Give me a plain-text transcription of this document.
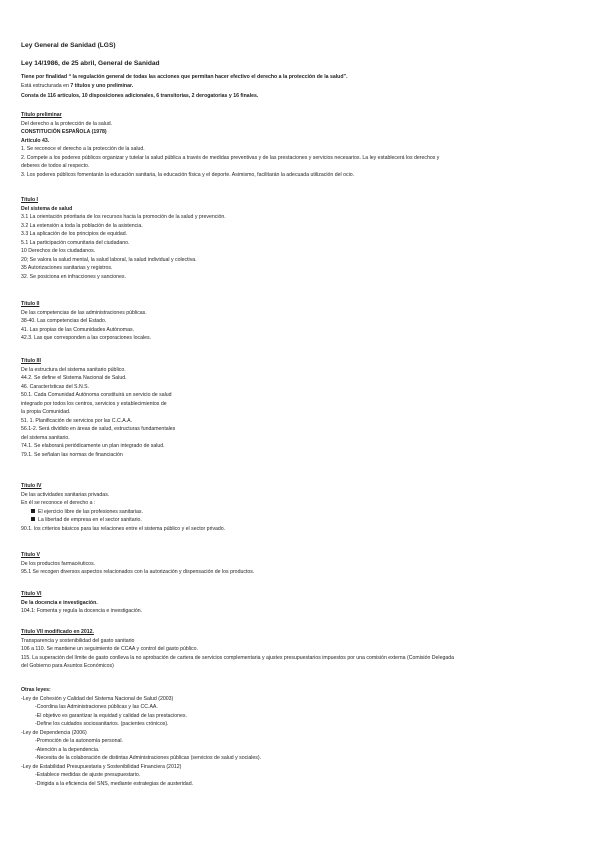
Ley General de Sanidad (LGS)
Ley 14/1986, de 25 abril, General de Sanidad

Tiene por finalidad “ la regulación general de todas las acciones que permitan hacer efectivo el derecho a la protección de la salud”.

Está estructurada en 7 títulos y uno preliminar.

Consta de 116 artículos, 10 disposiciones adicionales, 6 transitorias, 2 derogatorias y 16 finales.

Título preliminar

Del derecho a la protección de la salud.

CONSTITUCIÓN ESPAÑOLA (1978)

Artículo 43.

1. Se reconoce el derecho a la protección de la salud.

2. Compete a los poderes públicos organizar y tutelar la salud pública a través de medidas preventivas y de las prestaciones y servicios necesarios. La ley establecerá los derechos y

deberes de todos al respecto.

3. Los poderes públicos fomentarán la educación sanitaria, la educación física y el deporte. Asimismo, facilitarán la adecuada utilización del ocio.

Título I

Del sistema de salud

3.1 La orientación prioritaria de los recursos hacia la promoción de la salud y prevención.

3.2 La extensión a toda la población de la asistencia.

3.3 La aplicación de los principios de equidad.

5.1 La participación comunitaria del ciudadano.

10 Derechos de los ciudadanos.

20; Se valora la salud mental, la salud laboral, la salud individual y colectiva.

35 Autorizaciones sanitarias y registros.

32. Se posiciona en infracciones y sanciones.

Título II

De las competencias de las administraciones públicas.

38-40. Las competencias del Estado.

41. Las propias de las Comunidades Autónomas.

42.3. Las que corresponden a las corporaciones locales.

Título III

De la estructura del sistema sanitario público.

44.2. Se define el Sistema Nacional de Salud.

46. Características del S.N.S.

50.1. Cada Comunidad Autónoma constituirá un servicio de salud

integrado por todos los centros, servicios y establecimientos de

la propia Comunidad.

51. 1. Planificación de servicios por las C.C.A.A.

56.1-2. Será dividido en áreas de salud, estructuras fundamentales

del sistema sanitario.

74.1. Se elaborará periódicamente un plan integrado de salud.

79.1. Se señalan las normas de financiación

Título IV

De las actividades sanitarias privadas.

En él se reconoce el derecho a :

El ejercicio libre de las profesiones sanitarias.

La libertad de empresa en el sector sanitario.

90.1. los criterios básicos para las relaciones entre el sistema público y el sector privado.

Título V

De los productos farmacéuticos.

95.1 Se recogen diversos aspectos relacionados con la autorización y dispensación de los productos.

Título VI

De la docencia e investigación.

104.1: Fomenta y regula la docencia e investigación.

Título VII modificado en 2012.

Transparencia y sostenibilidad del gasto sanitario

106 a 110. Se mantiene un seguimiento de CCAA y control del gasto público.

115. La superación del límite de gasto conlleva la no aprobación de cartera de servicios complementaria y ajustes presupuestarios impuestos por una comisión externa (Comisión Delegada

del Gobierno para Asuntos Económicos)

Otras leyes:

-Ley de Cohesión y Calidad del Sistema Nacional de Salud (2003)

-Coordina las Administraciones públicas y las CC.AA.

-El objetivo es garantizar la equidad y calidad de las prestaciones.

-Define los cuidados sociosanitarios. (pacientes crónicos).

-Ley de Dependencia (2006)

-Promoción de la autonomía personal.

-Atención a la dependencia.

-Necesita de la colaboración de distintas Administraciones públicas (servicios de salud y sociales).

-Ley de Estabilidad Presupuestaria y Sostenibilidad Financiera (2012)

-Establece medidas de ajuste presupuestario.

-Dirigida a la eficiencia del SNS, mediante estrategias de austeridad.
